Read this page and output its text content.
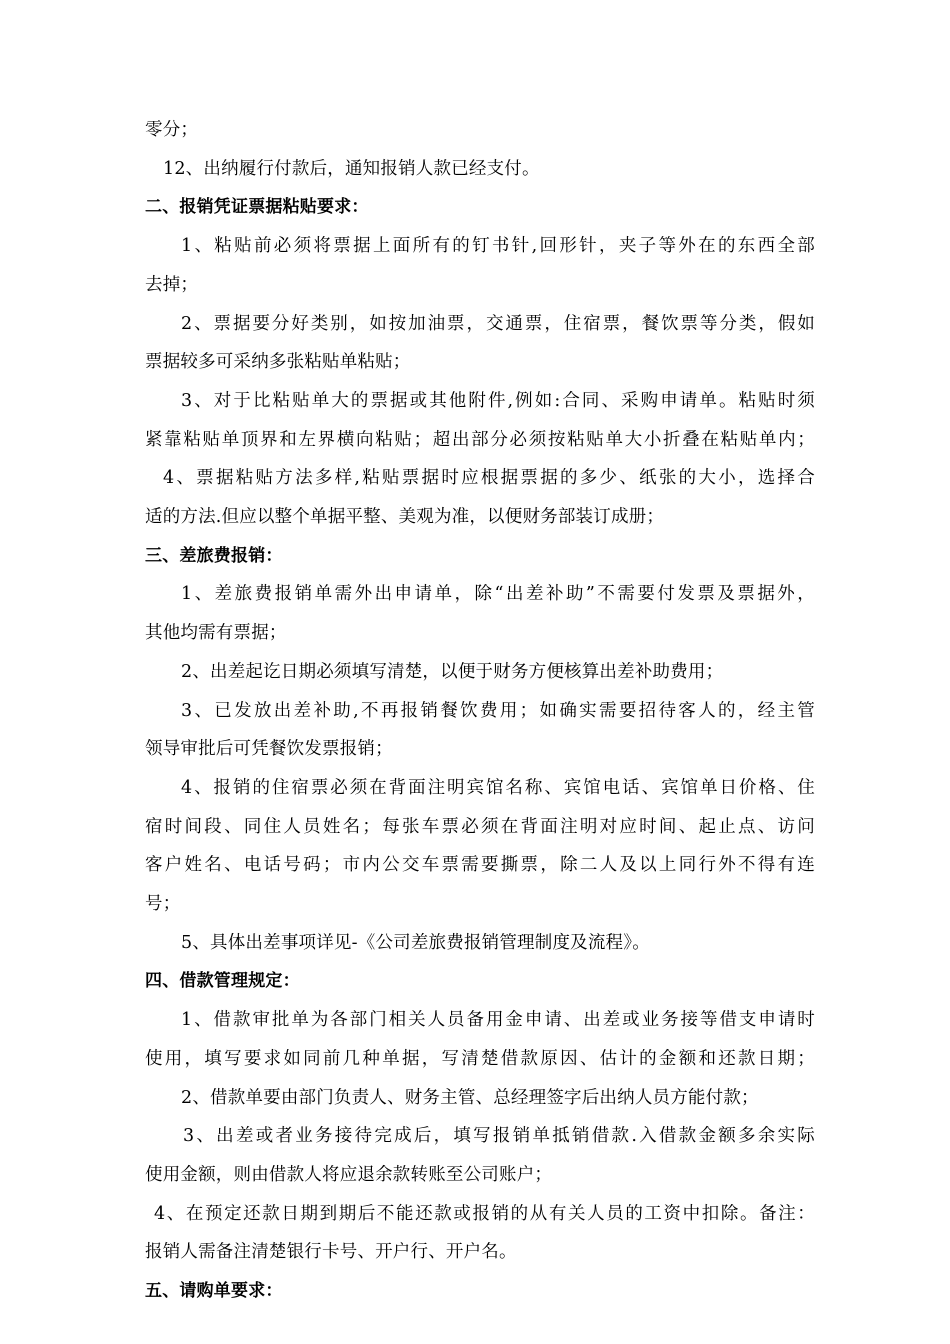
零分；
12、出纳履行付款后，通知报销人款已经支付。
二、报销凭证票据粘贴要求：
1、粘贴前必须将票据上面所有的钉书针,回形针，夹子等外在的东西全部
去掉；
2、票据要分好类别，如按加油票，交通票，住宿票，餐饮票等分类，假如
票据较多可采纳多张粘贴单粘贴；
3、对于比粘贴单大的票据或其他附件,例如:合同、采购申请单。粘贴时须
紧靠粘贴单顶界和左界横向粘贴；超出部分必须按粘贴单大小折叠在粘贴单内；
4、票据粘贴方法多样,粘贴票据时应根据票据的多少、纸张的大小，选择合
适的方法.但应以整个单据平整、美观为准，以便财务部装订成册；
三、差旅费报销：
1、差旅费报销单需外出申请单，除“出差补助”不需要付发票及票据外，
其他均需有票据；
2、出差起讫日期必须填写清楚，以便于财务方便核算出差补助费用；
3、已发放出差补助,不再报销餐饮费用；如确实需要招待客人的，经主管
领导审批后可凭餐饮发票报销；
4、报销的住宿票必须在背面注明宾馆名称、宾馆电话、宾馆单日价格、住
宿时间段、同住人员姓名；每张车票必须在背面注明对应时间、起止点、访问
客户姓名、电话号码；市内公交车票需要撕票，除二人及以上同行外不得有连
号；
5、具体出差事项详见-《公司差旅费报销管理制度及流程》。
四、借款管理规定：
1、借款审批单为各部门相关人员备用金申请、出差或业务接等借支申请时
使用，填写要求如同前几种单据，写清楚借款原因、估计的金额和还款日期；
2、借款单要由部门负责人、财务主管、总经理签字后出纳人员方能付款；
3、出差或者业务接待完成后，填写报销单抵销借款.入借款金额多余实际
使用金额，则由借款人将应退余款转账至公司账户；
4、在预定还款日期到期后不能还款或报销的从有关人员的工资中扣除。备注：
报销人需备注清楚银行卡号、开户行、开户名。
五、请购单要求：
